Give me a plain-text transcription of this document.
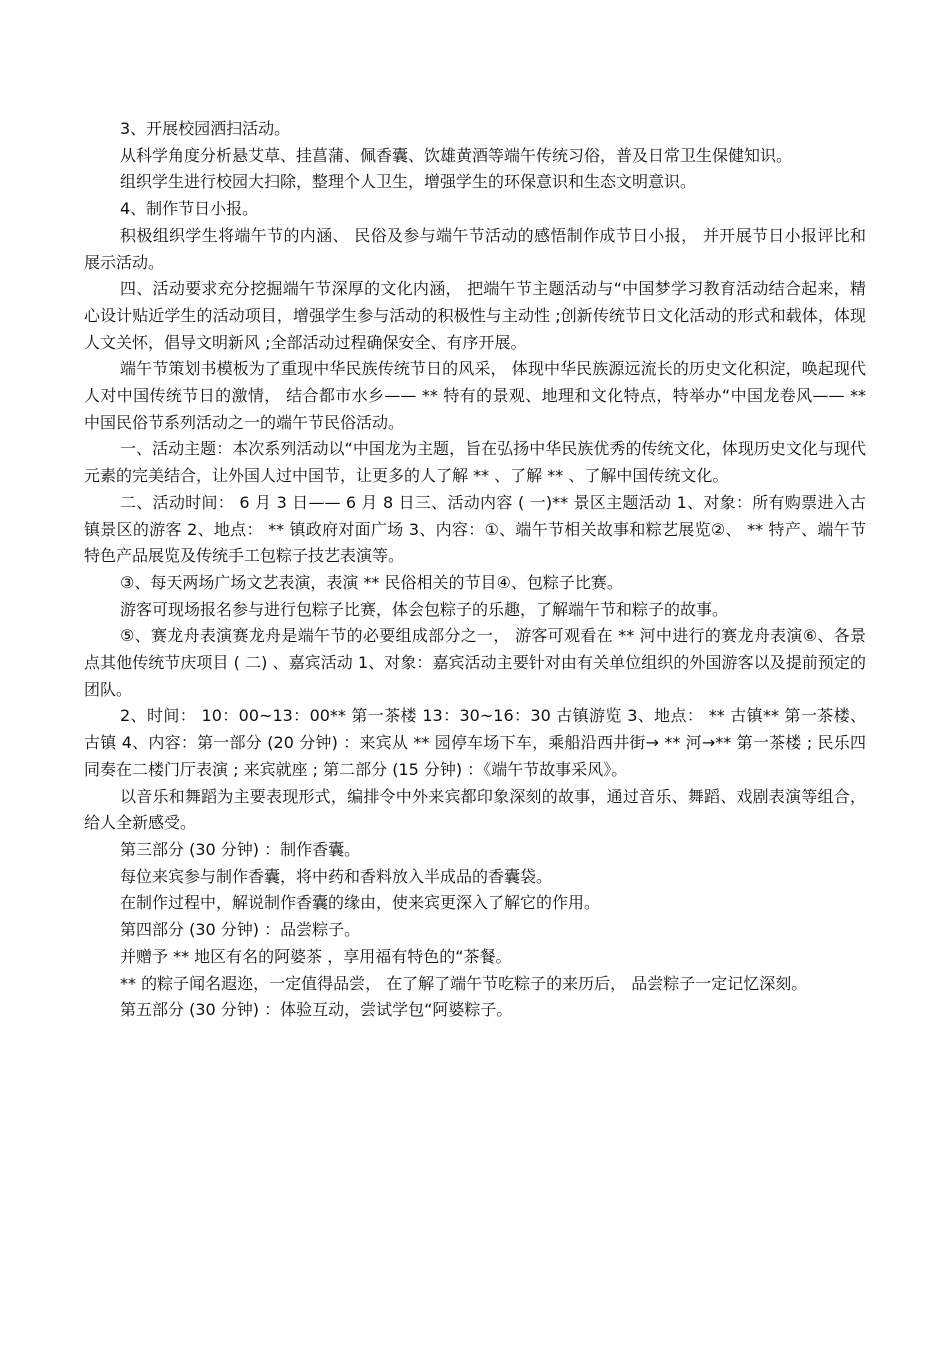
3、开展校园洒扫活动。

从科学角度分析悬艾草、挂菖蒲、佩香囊、饮雄黄酒等端午传统习俗，普及日常卫生保健知识。

组织学生进行校园大扫除，整理个人卫生，增强学生的环保意识和生态文明意识。

4、制作节日小报。

积极组织学生将端午节的内涵、 民俗及参与端午节活动的感悟制作成节日小报， 并开展节日小报评比和展示活动。

四、活动要求充分挖掘端午节深厚的文化内涵， 把端午节主题活动与“中国梦学习教育活动结合起来，精心设计贴近学生的活动项目，增强学生参与活动的积极性与主动性 ;创新传统节日文化活动的形式和载体，体现人文关怀，倡导文明新风 ;全部活动过程确保安全、有序开展。

端午节策划书模板为了重现中华民族传统节日的风采， 体现中华民族源远流长的历史文化积淀，唤起现代人对中国传统节日的激情， 结合都市水乡—— ** 特有的景观、地理和文化特点，特举办“中国龙卷风—— ** 中国民俗节系列活动之一的端午节民俗活动。

一、活动主题：本次系列活动以“中国龙为主题，旨在弘扬中华民族优秀的传统文化，体现历史文化与现代元素的完美结合，让外国人过中国节，让更多的人了解 ** 、了解 ** 、了解中国传统文化。

二、活动时间： 6 月 3 日—— 6 月 8 日三、活动内容 ( 一)** 景区主题活动 1、对象：所有购票进入古镇景区的游客 2、地点： ** 镇政府对面广场 3、内容：①、端午节相关故事和粽艺展览②、 ** 特产、端午节特色产品展览及传统手工包粽子技艺表演等。

③、每天两场广场文艺表演，表演 ** 民俗相关的节目④、包粽子比赛。

游客可现场报名参与进行包粽子比赛，体会包粽子的乐趣，了解端午节和粽子的故事。

⑤、赛龙舟表演赛龙舟是端午节的必要组成部分之一， 游客可观看在 ** 河中进行的赛龙舟表演⑥、各景点其他传统节庆项目 ( 二) 、嘉宾活动 1、对象：嘉宾活动主要针对由有关单位组织的外国游客以及提前预定的团队。

2、时间： 10：00~13：00** 第一茶楼 13：30~16：30 古镇游览 3、地点： ** 古镇** 第一茶楼、古镇 4、内容：第一部分 (20 分钟) ：来宾从 ** 园停车场下车，乘船沿西井街→ ** 河→** 第一茶楼 ; 民乐四同奏在二楼门厅表演 ; 来宾就座 ; 第二部分 (15 分钟) ：《端午节故事采风》。

以音乐和舞蹈为主要表现形式，编排令中外来宾都印象深刻的故事，通过音乐、舞蹈、戏剧表演等组合，给人全新感受。

第三部分 (30 分钟) ：制作香囊。

每位来宾参与制作香囊，将中药和香料放入半成品的香囊袋。

在制作过程中，解说制作香囊的缘由，使来宾更深入了解它的作用。

第四部分 (30 分钟) ：品尝粽子。

并赠予 ** 地区有名的阿婆茶 ，享用福有特色的“茶餐。

** 的粽子闻名遐迩，一定值得品尝， 在了解了端午节吃粽子的来历后， 品尝粽子一定记忆深刻。

第五部分 (30 分钟) ：体验互动，尝试学包“阿婆粽子。
